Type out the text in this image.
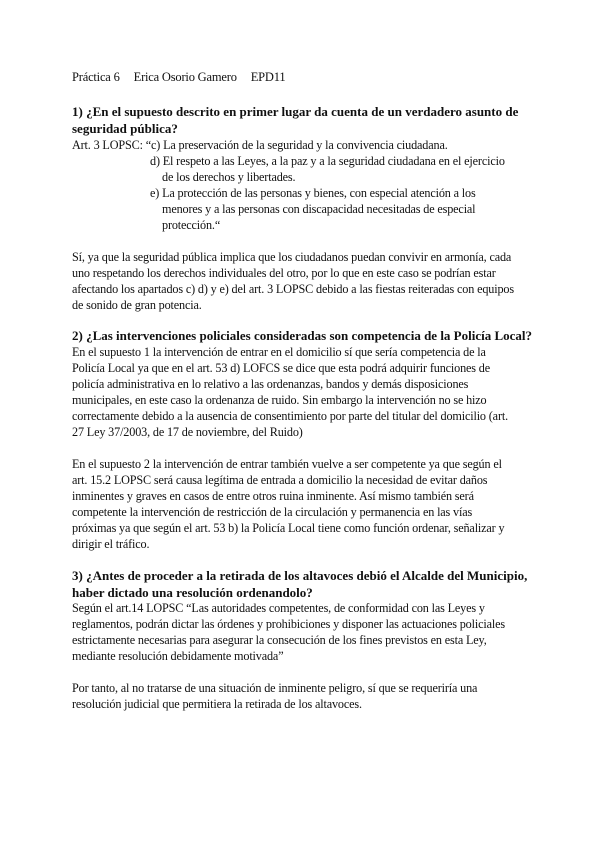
Práctica 6 Erica Osorio Gamero EPD11
1) ¿En el supuesto descrito en primer lugar da cuenta de un verdadero asunto de
seguridad pública?
Art. 3 LOPSC: “c) La preservación de la seguridad y la convivencia ciudadana.
d) El respeto a las Leyes, a la paz y a la seguridad ciudadana en el ejercicio
de los derechos y libertades.
e) La protección de las personas y bienes, con especial atención a los
menores y a las personas con discapacidad necesitadas de especial
protección.“
Sí, ya que la seguridad pública implica que los ciudadanos puedan convivir en armonía, cada
uno respetando los derechos individuales del otro, por lo que en este caso se podrían estar
afectando los apartados c) d) y e) del art. 3 LOPSC debido a las fiestas reiteradas con equipos
de sonido de gran potencia.
2) ¿Las intervenciones policiales consideradas son competencia de la Policía Local?
En el supuesto 1 la intervención de entrar en el domicilio sí que sería competencia de la
Policía Local ya que en el art. 53 d) LOFCS se dice que esta podrá adquirir funciones de
policía administrativa en lo relativo a las ordenanzas, bandos y demás disposiciones
municipales, en este caso la ordenanza de ruido. Sin embargo la intervención no se hizo
correctamente debido a la ausencia de consentimiento por parte del titular del domicilio (art.
27 Ley 37/2003, de 17 de noviembre, del Ruido)
En el supuesto 2 la intervención de entrar también vuelve a ser competente ya que según el
art. 15.2 LOPSC será causa legítima de entrada a domicilio la necesidad de evitar daños
inminentes y graves en casos de entre otros ruina inminente. Así mismo también será
competente la intervención de restricción de la circulación y permanencia en las vías
próximas ya que según el art. 53 b) la Policía Local tiene como función ordenar, señalizar y
dirigir el tráfico.
3) ¿Antes de proceder a la retirada de los altavoces debió el Alcalde del Municipio,
haber dictado una resolución ordenandolo?
Según el art.14 LOPSC “Las autoridades competentes, de conformidad con las Leyes y
reglamentos, podrán dictar las órdenes y prohibiciones y disponer las actuaciones policiales
estrictamente necesarias para asegurar la consecución de los fines previstos en esta Ley,
mediante resolución debidamente motivada”
Por tanto, al no tratarse de una situación de inminente peligro, sí que se requeriría una
resolución judicial que permitiera la retirada de los altavoces.
